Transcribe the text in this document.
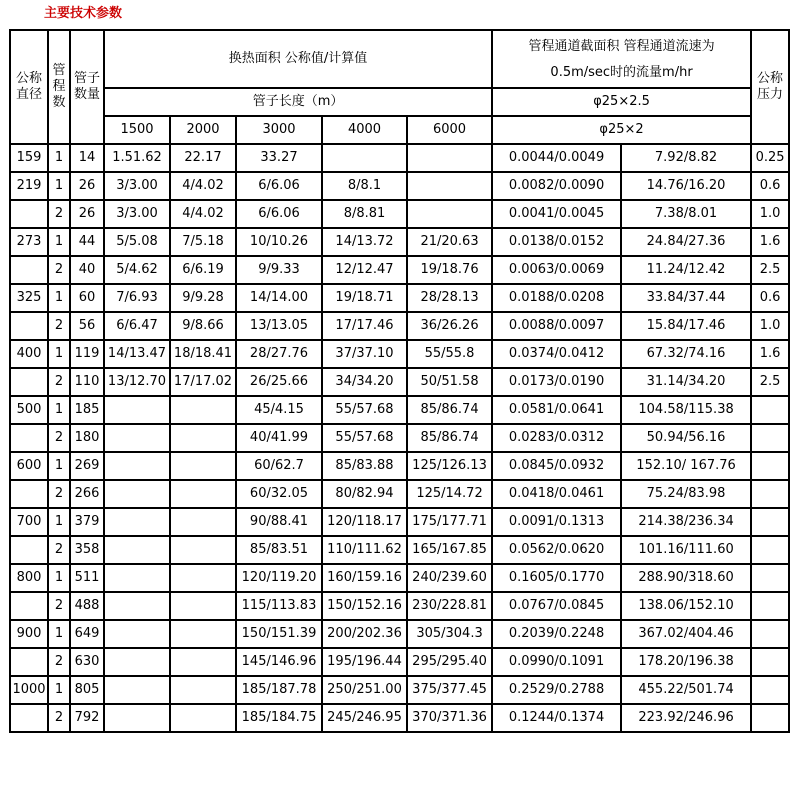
主要技术参数
公称直径	管程数	管子数量	换热面积 公称值/计算值					管程通道截面积 管程通道流速为
0.5m/sec时的流量m/hr		公称压力
			管子长度（m）					φ25×2.5		
			1500	2000	3000	4000	6000	φ25×2		
159	1	14	1.51.62	22.17	33.27			0.0044/0.0049	7.92/8.82	0.25
219	1	26	3/3.00	4/4.02	6/6.06	8/8.1		0.0082/0.0090	14.76/16.20	0.6
	2	26	3/3.00	4/4.02	6/6.06	8/8.81		0.0041/0.0045	7.38/8.01	1.0
273	1	44	5/5.08	7/5.18	10/10.26	14/13.72	21/20.63	0.0138/0.0152	24.84/27.36	1.6
	2	40	5/4.62	6/6.19	9/9.33	12/12.47	19/18.76	0.0063/0.0069	11.24/12.42	2.5
325	1	60	7/6.93	9/9.28	14/14.00	19/18.71	28/28.13	0.0188/0.0208	33.84/37.44	0.6
	2	56	6/6.47	9/8.66	13/13.05	17/17.46	36/26.26	0.0088/0.0097	15.84/17.46	1.0
400	1	119	14/13.47	18/18.41	28/27.76	37/37.10	55/55.8	0.0374/0.0412	67.32/74.16	1.6
	2	110	13/12.70	17/17.02	26/25.66	34/34.20	50/51.58	0.0173/0.0190	31.14/34.20	2.5
500	1	185			45/4.15	55/57.68	85/86.74	0.0581/0.0641	104.58/115.38	
	2	180			40/41.99	55/57.68	85/86.74	0.0283/0.0312	50.94/56.16	
600	1	269			60/62.7	85/83.88	125/126.13	0.0845/0.0932	152.10/ 167.76	
	2	266			60/32.05	80/82.94	125/14.72	0.0418/0.0461	75.24/83.98	
700	1	379			90/88.41	120/118.17	175/177.71	0.0091/0.1313	214.38/236.34	
	2	358			85/83.51	110/111.62	165/167.85	0.0562/0.0620	101.16/111.60	
800	1	511			120/119.20	160/159.16	240/239.60	0.1605/0.1770	288.90/318.60	
	2	488			115/113.83	150/152.16	230/228.81	0.0767/0.0845	138.06/152.10	
900	1	649			150/151.39	200/202.36	305/304.3	0.2039/0.2248	367.02/404.46	
	2	630			145/146.96	195/196.44	295/295.40	0.0990/0.1091	178.20/196.38	
1000	1	805			185/187.78	250/251.00	375/377.45	0.2529/0.2788	455.22/501.74	
	2	792			185/184.75	245/246.95	370/371.36	0.1244/0.1374	223.92/246.96	
